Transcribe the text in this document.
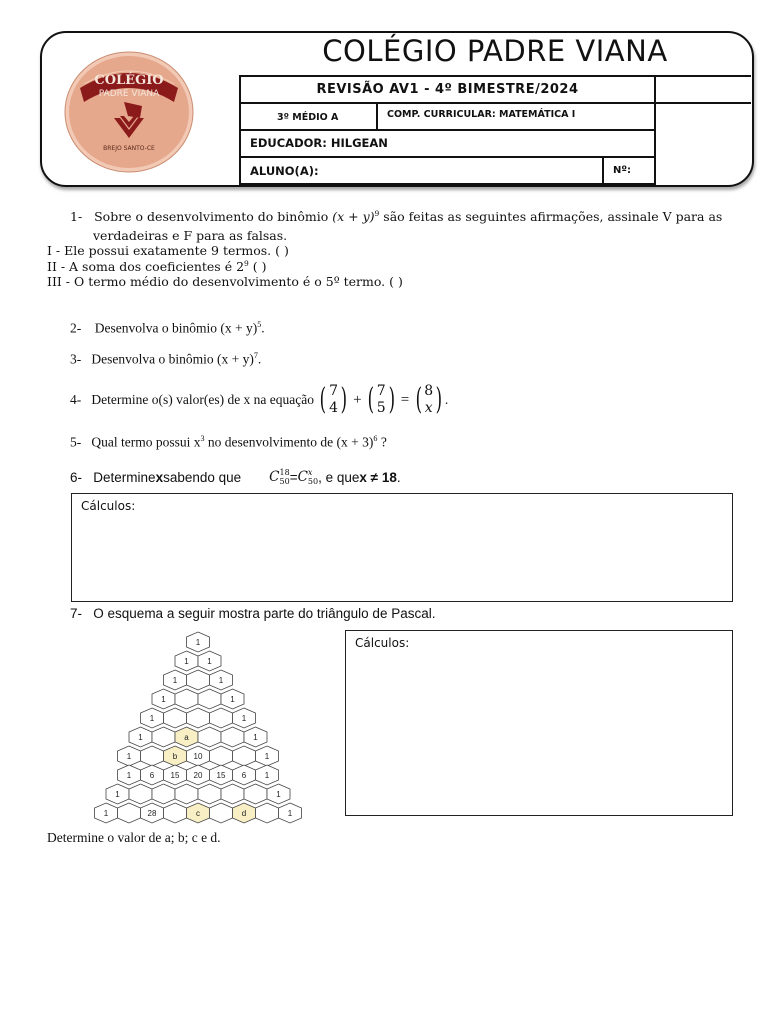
COLÉGIO
PADRE VIANA
BREJO SANTO-CE
COLÉGIO PADRE VIANA
REVISÃO AV1 - 4º BIMESTRE/2024
3º MÉDIO A	COMP. CURRICULAR: MATEMÁTICA I
EDUCADOR: HILGEAN
ALUNO(A):	Nº:
1- Sobre o desenvolvimento do binômio $(x + y)^9$ são feitas as seguintes afirmações, assinale V para as
verdadeiras e F para as falsas.
I - Ele possui exatamente 9 termos. ( )
II - A soma dos coeficientes é $2^9$ ( )
III - O termo médio do desenvolvimento é o 5º termo. ( )
2-    Desenvolva o binômio $(x + y)^5$.
3- Desenvolva o binômio $(x + y)^7$.
4-
Determine o(s) valor(es) de x na equação
( 7
4 )
+
( 7
5 )
=
( 8
x ) .
5- Qual termo possui $x^3$ no desenvolvimento de $(x + 3)^6$ ?
6-
Determine x sabendo que C 18
50 = C x
50 , e que x ≠ 18 .
Cálculos:
7- O esquema a seguir mostra parte do triângulo de Pascal.
1
1 1
1	1
1	1
1	1
1	a	1
1	b 10	1
1 6 15 20 15 6 1
1	1
1	28	c	d	1
Cálculos:
Determine o valor de a; b; c e d.
